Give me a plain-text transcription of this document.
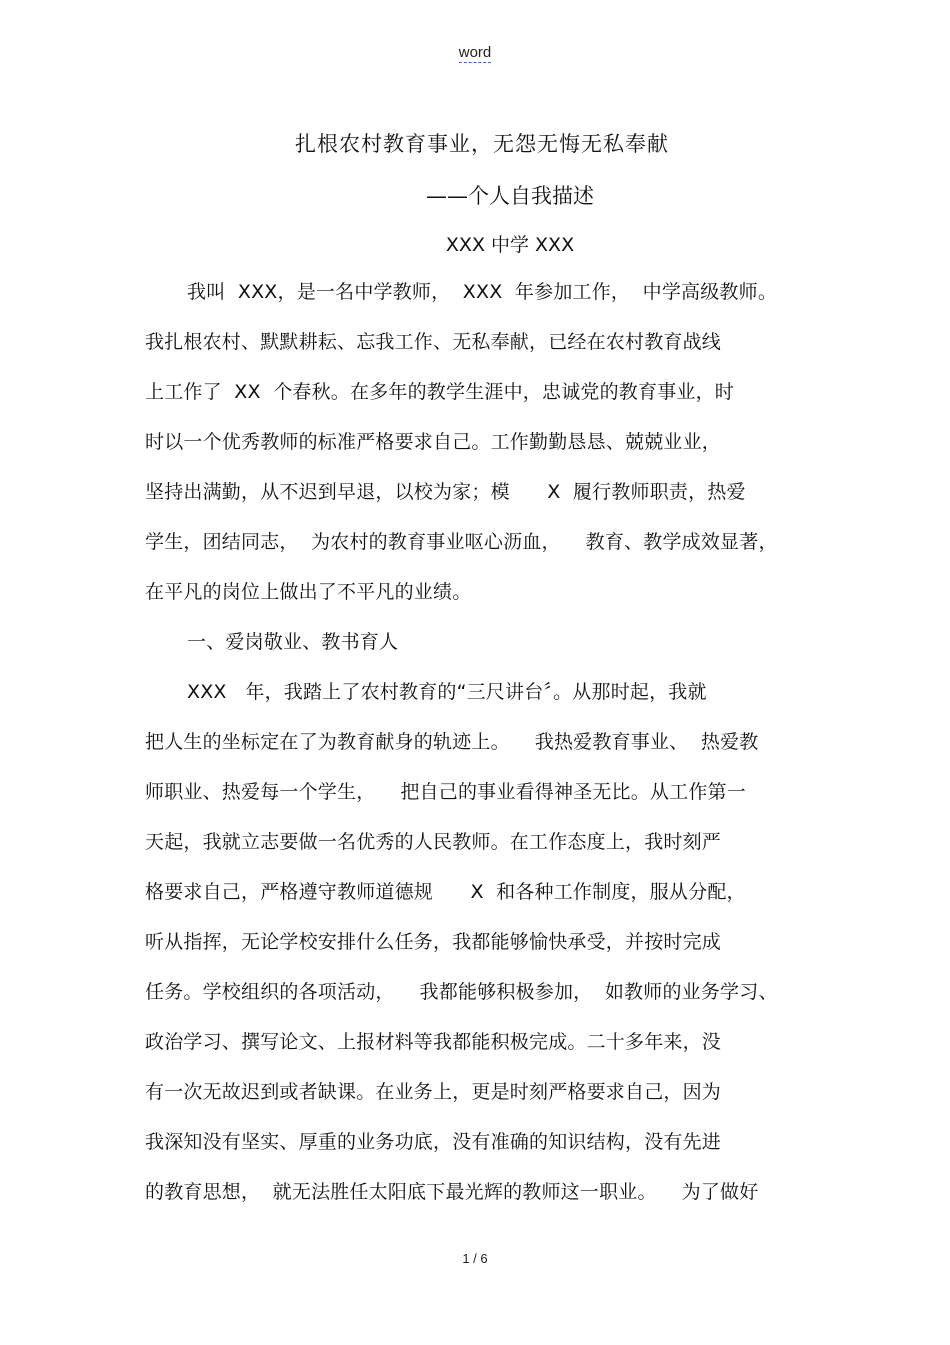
word
扎根农村教育事业，无怨无悔无私奉献
——个人自我描述
XXX 中学 XXX
我叫  XXX，是一名中学教师，  XXX  年参加工作，  中学高级教师。
我扎根农村、默默耕耘、忘我工作、无私奉献，已经在农村教育战线
上工作了  XX  个春秋。在多年的教学生涯中，忠诚党的教育事业，时
时以一个优秀教师的标准严格要求自己。工作勤勤恳恳、兢兢业业，
坚持出满勤，从不迟到早退，以校为家；模      X  履行教师职责，热爱
学生，团结同志，  为农村的教育事业呕心沥血，    教育、教学成效显著，
在平凡的岗位上做出了不平凡的业绩。
一、爱岗敬业、教书育人
XXX   年，我踏上了农村教育的“三尺讲台〞。从那时起，我就
把人生的坐标定在了为教育献身的轨迹上。    我热爱教育事业、  热爱教
师职业、热爱每一个学生，    把自己的事业看得神圣无比。从工作第一
天起，我就立志要做一名优秀的人民教师。在工作态度上，我时刻严
格要求自己，严格遵守教师道德规      X  和各种工作制度，服从分配，
听从指挥，无论学校安排什么任务，我都能够愉快承受，并按时完成
任务。学校组织的各项活动，    我都能够积极参加，  如教师的业务学习、
政治学习、撰写论文、上报材料等我都能积极完成。二十多年来，没
有一次无故迟到或者缺课。在业务上，更是时刻严格要求自己，因为
我深知没有坚实、厚重的业务功底，没有准确的知识结构，没有先进
的教育思想，  就无法胜任太阳底下最光辉的教师这一职业。    为了做好
1 / 6
